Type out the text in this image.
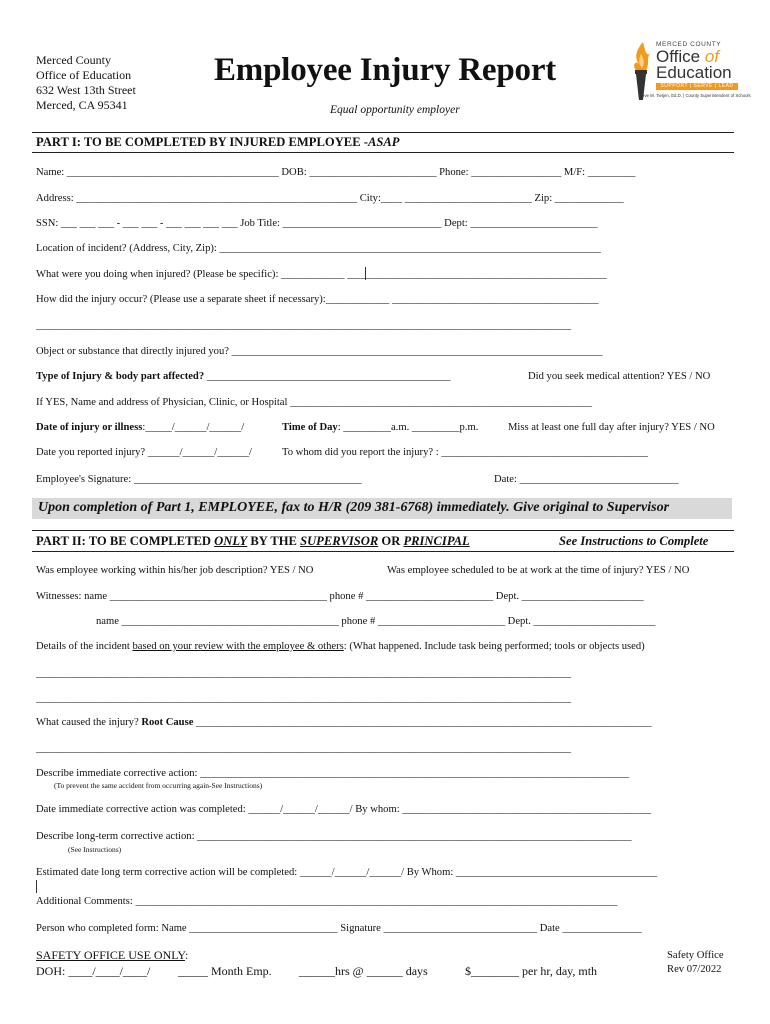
Merced County
Office of Education
632 West 13th Street
Merced, CA 95341
Employee Injury Report
Equal opportunity employer
MERCED COUNTY
Office of
Education
SUPPORT | SERVE | LEAD
Steve M. Tietjen, Ed.D. | County Superintendent of Schools
PART I: TO BE COMPLETED BY INJURED EMPLOYEE -ASAP
Name: ________________________________________ DOB: ________________________ Phone: _________________ M/F: _________
Address: _____________________________________________________ City:____ ________________________ Zip: _____________
SSN: ___ ___ ___ - ___ ___ - ___ ___ ___ ___ Job Title: ______________________________ Dept: ________________________
Location of incident? (Address, City, Zip): ________________________________________________________________________
What were you doing when injured? (Please be specific): ____________ _________________________________________________
How did the injury occur? (Please use a separate sheet if necessary):____________ _______________________________________
_____________________________________________________________________________________________________
Object or substance that directly injured you? ______________________________________________________________________
Type of Injury & body part affected? ______________________________________________	Did you seek medical attention? YES / NO
If YES, Name and address of Physician, Clinic, or Hospital _________________________________________________________
Date of injury or illness:_____/______/______/	Time of Day: _________a.m. _________p.m.	Miss at least one full day after injury? YES / NO
Date you reported injury? ______/______/______/	To whom did you report the injury? : _______________________________________
Employee's Signature: ___________________________________________	Date: ______________________________
Upon completion of Part 1, EMPLOYEE, fax to H/R (209 381-6768) immediately. Give original to Supervisor
PART II: TO BE COMPLETED ONLY BY THE SUPERVISOR OR PRINCIPAL	See Instructions to Complete
Was employee working within his/her job description? YES / NO	Was employee scheduled to be at work at the time of injury? YES / NO
Witnesses: name _________________________________________ phone # ________________________ Dept. _______________________
name _________________________________________ phone # ________________________ Dept. _______________________
Details of the incident based on your review with the employee & others: (What happened. Include task being performed; tools or objects used)
_____________________________________________________________________________________________________
_____________________________________________________________________________________________________
What caused the injury? Root Cause ______________________________________________________________________________________
_____________________________________________________________________________________________________
Describe immediate corrective action: _________________________________________________________________________________
(To prevent the same accident from occurring again-See Instructions)
Date immediate corrective action was completed: ______/______/______/ By whom: _______________________________________________
Describe long-term corrective action: __________________________________________________________________________________
(See Instructions)
Estimated date long term corrective action will be completed: ______/______/______/ By Whom: ______________________________________
Additional Comments: ___________________________________________________________________________________________
Person who completed form: Name ____________________________ Signature _____________________________ Date _______________
SAFETY OFFICE USE ONLY:
DOH: ____/____/____/ _____ Month Emp. ______hrs @ ______ days	$________ per hr, day, mth
Safety Office
Rev 07/2022
